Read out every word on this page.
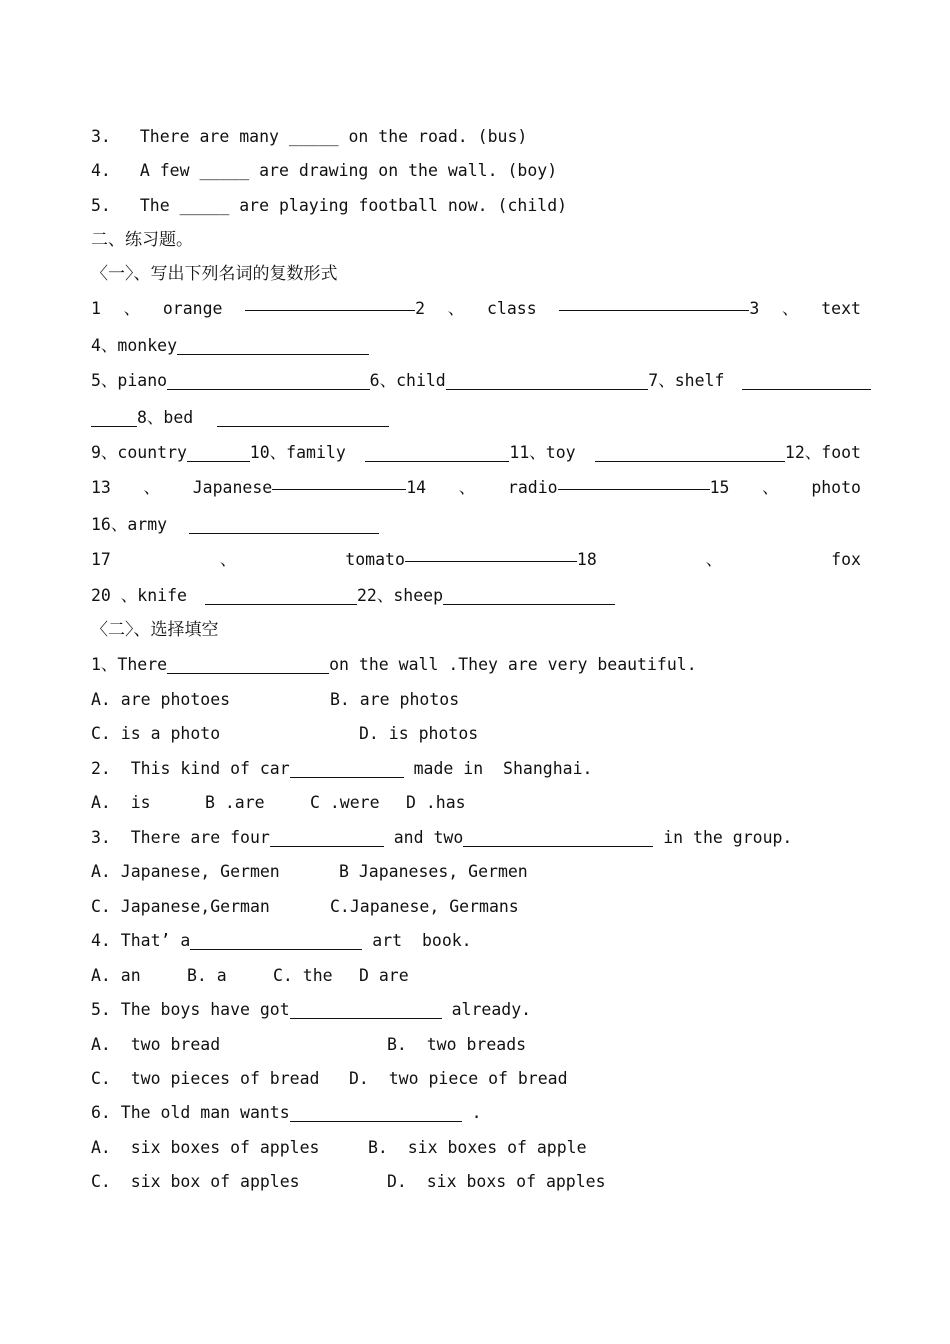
3. There are many
_____
on the road.
(bus)
4. A few
_____
are drawing on the wall.
(boy)
5. The
_____
are playing football now.
(child)
二、练习题。
〈一〉、写出下列名词的复数形式
1 、 orange	2 、 class	3 、 text
4、monkey
5、piano	6、child	7、shelf
8、bed
9、country	10、family	11、toy	12、foot
13 、 Japanese	14 、 radio	15 、 photo
16、army
17	、	tomato	18	、	fox
20 、knife	22、sheep
〈二〉、选择填空
1、There	on the wall .They are very beautiful.
A. are photoes	B. are photos
C. is a photo	D. is photos
2.  This kind of car	made in  Shanghai.
A.  is	B .are	C .were	D .has
3.  There are four	and two	in the group.
A. Japanese, Germen	B Japaneses, Germen
C. Japanese,German	C.Japanese, Germans
4. That’ a	art  book.
A. an	B. a	C. the	D are
5. The boys have got	already.
A.  two bread	B.  two breads
C.  two pieces of bread	D.  two piece of bread
6. The old man wants	.
A.  six boxes of apples	B.  six boxes of apple
C.  six box of apples	D.  six boxs of apples
